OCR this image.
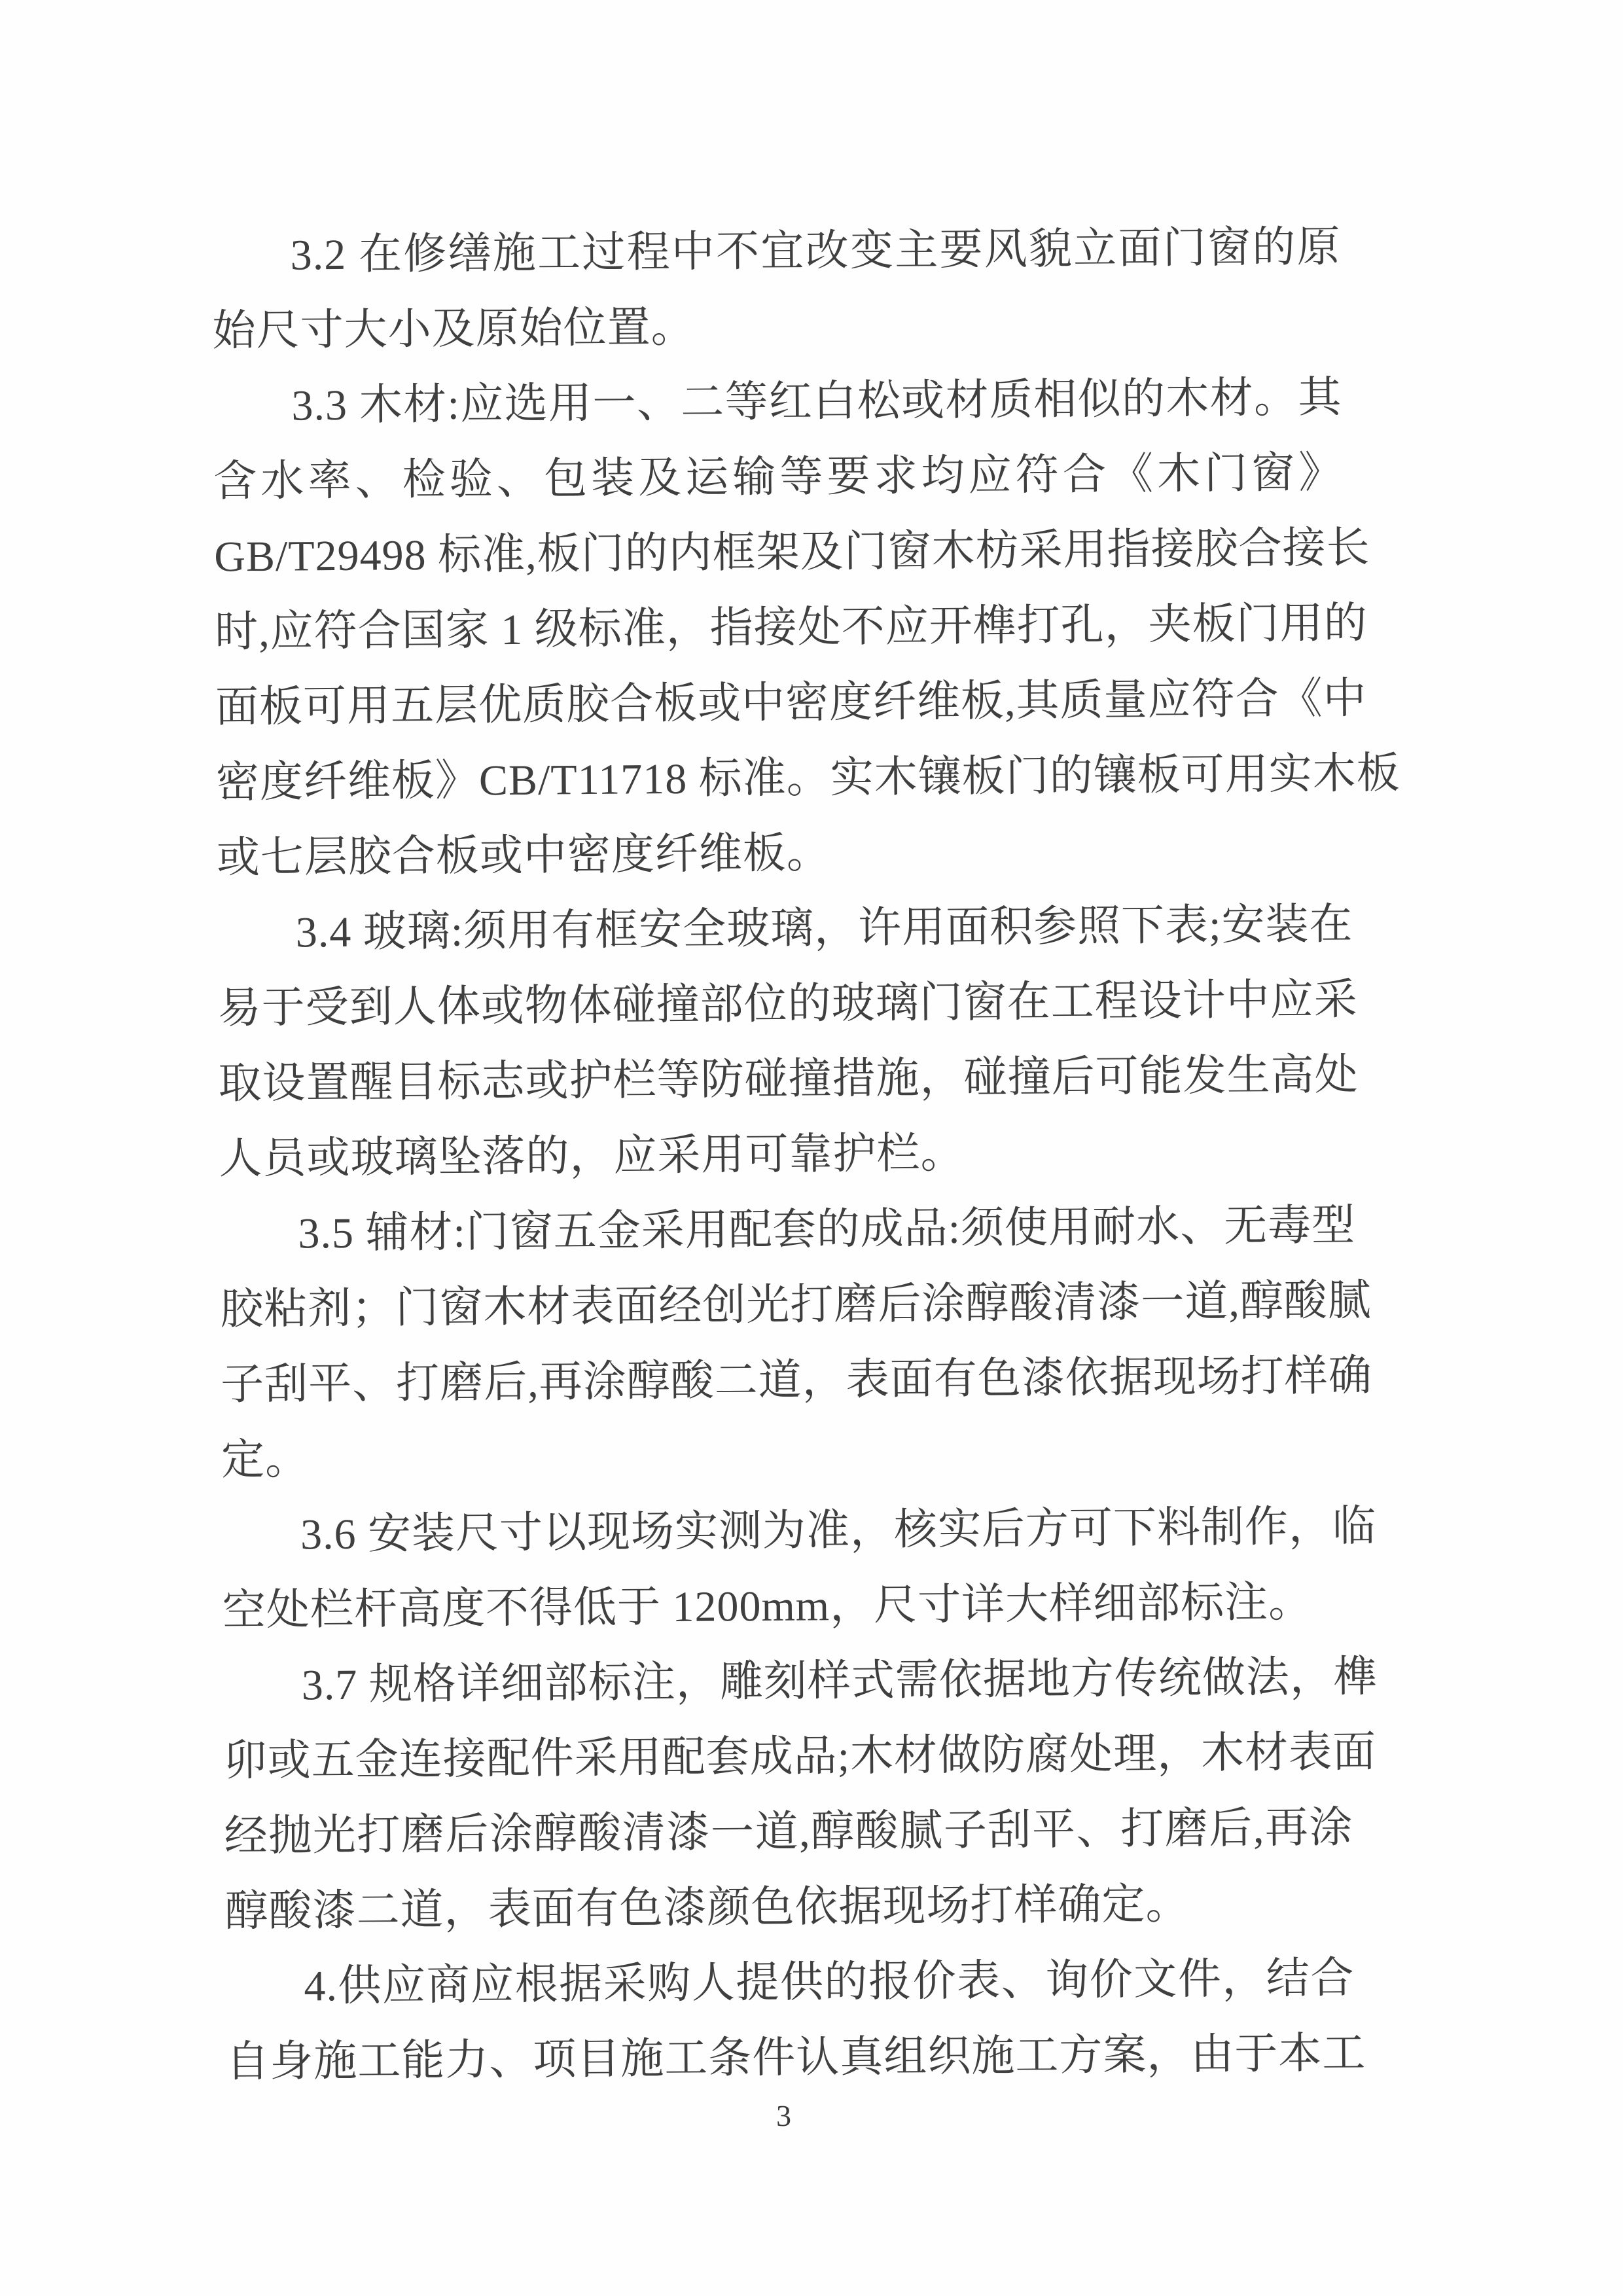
3.2 在修缮施工过程中不宜改变主要风貌立面门窗的原
始尺寸大小及原始位置。
3.3 木材:应选用一、二等红白松或材质相似的木材。其
含水率、检验、包装及运输等要求均应符合《木门窗》
GB/T29498 标准,板门的内框架及门窗木枋采用指接胶合接长
时,应符合国家 1 级标准，指接处不应开榫打孔，夹板门用的
面板可用五层优质胶合板或中密度纤维板,其质量应符合《中
密度纤维板》CB/T11718 标准。实木镶板门的镶板可用实木板
或七层胶合板或中密度纤维板。
3.4 玻璃:须用有框安全玻璃，许用面积参照下表;安装在
易于受到人体或物体碰撞部位的玻璃门窗在工程设计中应采
取设置醒目标志或护栏等防碰撞措施，碰撞后可能发生高处
人员或玻璃坠落的，应采用可靠护栏。
3.5 辅材:门窗五金采用配套的成品:须使用耐水、无毒型
胶粘剂；门窗木材表面经创光打磨后涂醇酸清漆一道,醇酸腻
子刮平、打磨后,再涂醇酸二道，表面有色漆依据现场打样确
定。
3.6 安装尺寸以现场实测为准，核实后方可下料制作，临
空处栏杆高度不得低于 1200mm，尺寸详大样细部标注。
3.7 规格详细部标注，雕刻样式需依据地方传统做法，榫
卯或五金连接配件采用配套成品;木材做防腐处理，木材表面
经抛光打磨后涂醇酸清漆一道,醇酸腻子刮平、打磨后,再涂
醇酸漆二道，表面有色漆颜色依据现场打样确定。
4.供应商应根据采购人提供的报价表、询价文件，结合
自身施工能力、项目施工条件认真组织施工方案，由于本工
3
